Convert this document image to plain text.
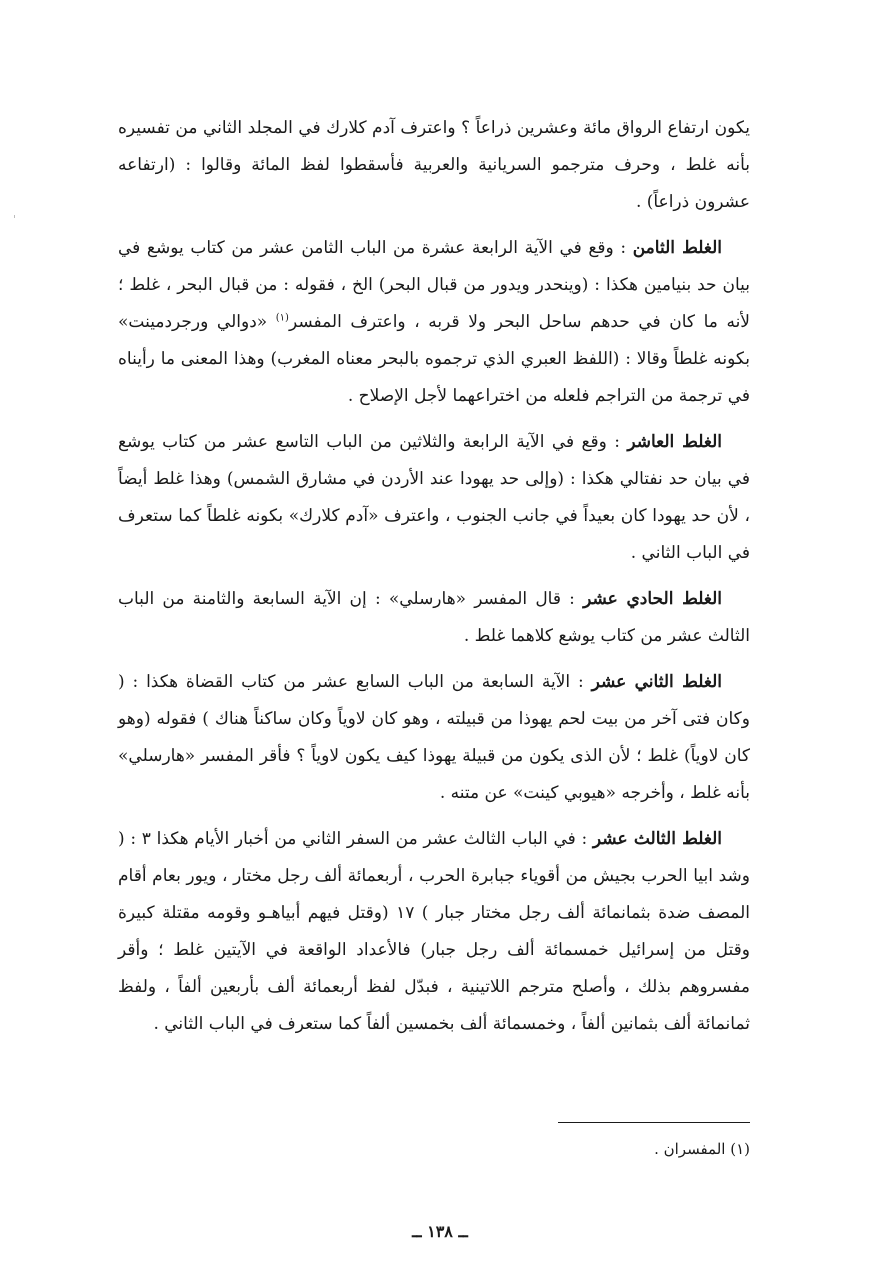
يكون ارتفاع الرواق مائة وعشرين ذراعاً ؟ واعترف آدم كلارك في المجلد الثاني من تفسيره بأنه غلط ، وحرف مترجمو السريانية والعربية فأسقطوا لفظ المائة وقالوا : (ارتفاعه عشرون ذراعاً) .

الغلط الثامن : وقع في الآية الرابعة عشرة من الباب الثامن عشر من كتاب يوشع في بيان حد بنيامين هكذا : (وينحدر ويدور من قبال البحر) الخ ، فقوله : من قبال البحر ، غلط ؛ لأنه ما كان في حدهم ساحل البحر ولا قربه ، واعترف المفسر$^{(١)}$ «دوالي ورجردمينت» بكونه غلطاً وقالا : (اللفظ العبري الذي ترجموه بالبحر معناه المغرب) وهذا المعنى ما رأيناه في ترجمة من التراجم فلعله من اختراعهما لأجل الإصلاح .

الغلط العاشر : وقع في الآية الرابعة والثلاثين من الباب التاسع عشر من كتاب يوشع في بيان حد نفتالي هكذا : (وإلى حد يهودا عند الأردن في مشارق الشمس) وهذا غلط أيضاً ، لأن حد يهودا كان بعيداً في جانب الجنوب ، واعترف «آدم كلارك» بكونه غلطاً كما ستعرف في الباب الثاني .

الغلط الحادي عشر : قال المفسر «هارسلي» : إن الآية السابعة والثامنة من الباب الثالث عشر من كتاب يوشع كلاهما غلط .

الغلط الثاني عشر : الآية السابعة من الباب السابع عشر من كتاب القضاة هكذا : ( وكان فتى آخر من بيت لحم يهوذا من قبيلته ، وهو كان لاوياً وكان ساكناً هناك ) فقوله (وهو كان لاوياً) غلط ؛ لأن الذى يكون من قبيلة يهوذا كيف يكون لاوياً ؟ فأقر المفسر «هارسلي» بأنه غلط ، وأخرجه «هيوبي كينت» عن متنه .

الغلط الثالث عشر : في الباب الثالث عشر من السفر الثاني من أخبار الأيام هكذا ٣ : ( وشد ابيا الحرب بجيش من أقوياء جبابرة الحرب ، أربعمائة ألف رجل مختار ، ويور بعام أقام المصف ضدة بثمانمائة ألف رجل مختار جبار ) ١٧ (وقتل فيهم أبياهـو وقومه مقتلة كبيرة وقتل من إسرائيل خمسمائة ألف رجل جبار) فالأعداد الواقعة في الآيتين غلط ؛ وأقر مفسروهم بذلك ، وأصلح مترجم اللاتينية ، فبدّل لفظ أربعمائة ألف بأربعين ألفاً ، ولفظ ثمانمائة ألف بثمانين ألفاً ، وخمسمائة ألف بخمسين ألفاً كما ستعرف في الباب الثاني .

(١) المفسران .
ــ ١٣٨ ــ
